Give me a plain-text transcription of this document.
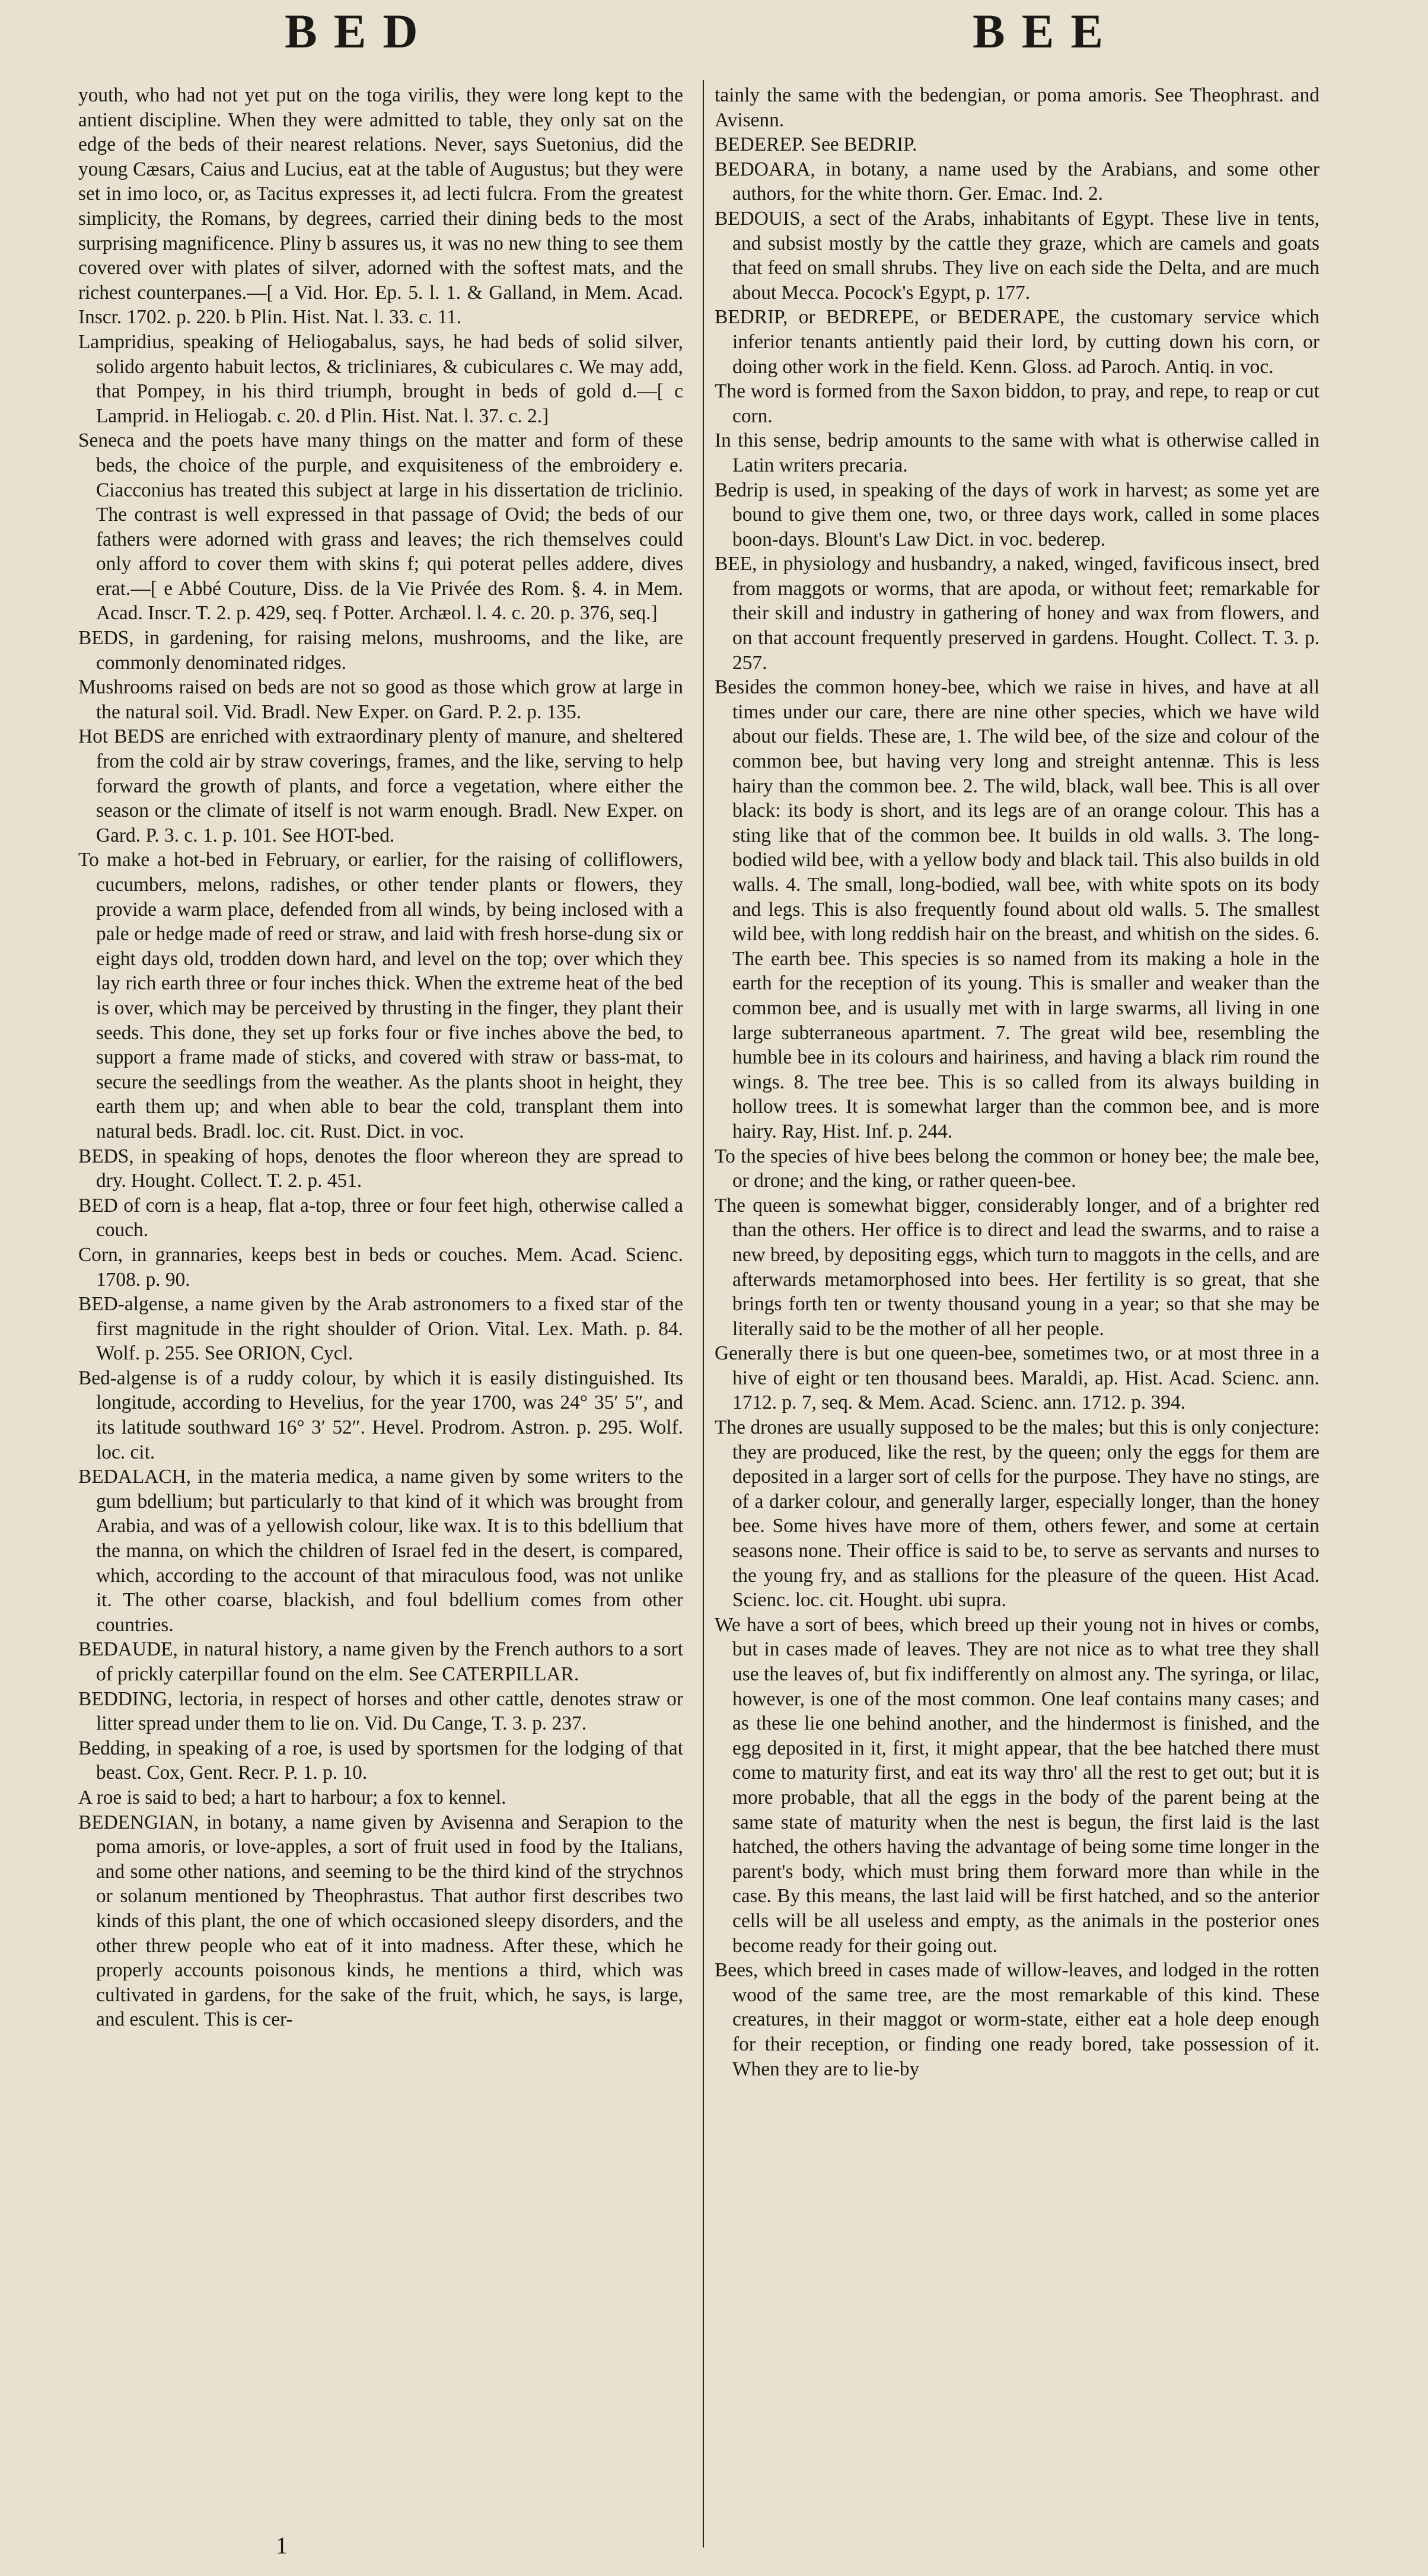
BED	BEE

youth, who had not yet put on the toga virilis, they were long kept to the antient discipline. When they were admitted to table, they only sat on the edge of the beds of their nearest relations. Never, says Suetonius, did the young Cæsars, Caius and Lucius, eat at the table of Augustus; but they were set in imo loco, or, as Tacitus expresses it, ad lecti fulcra. From the greatest simplicity, the Romans, by degrees, carried their dining beds to the most surprising magnificence. Pliny b assures us, it was no new thing to see them covered over with plates of silver, adorned with the softest mats, and the richest counterpanes.—[ a Vid. Hor. Ep. 5. l. 1. & Galland, in Mem. Acad. Inscr. 1702. p. 220. b Plin. Hist. Nat. l. 33. c. 11.

Lampridius, speaking of Heliogabalus, says, he had beds of solid silver, solido argento habuit lectos, & tricliniares, & cubiculares c. We may add, that Pompey, in his third triumph, brought in beds of gold d.—[ c Lamprid. in Heliogab. c. 20. d Plin. Hist. Nat. l. 37. c. 2.]

Seneca and the poets have many things on the matter and form of these beds, the choice of the purple, and exquisiteness of the embroidery e. Ciacconius has treated this subject at large in his dissertation de triclinio. The contrast is well expressed in that passage of Ovid; the beds of our fathers were adorned with grass and leaves; the rich themselves could only afford to cover them with skins f; qui poterat pelles addere, dives erat.—[ e Abbé Couture, Diss. de la Vie Privée des Rom. §. 4. in Mem. Acad. Inscr. T. 2. p. 429, seq. f Potter. Archæol. l. 4. c. 20. p. 376, seq.]

BEDS, in gardening, for raising melons, mushrooms, and the like, are commonly denominated ridges.

Mushrooms raised on beds are not so good as those which grow at large in the natural soil. Vid. Bradl. New Exper. on Gard. P. 2. p. 135.

Hot BEDS are enriched with extraordinary plenty of manure, and sheltered from the cold air by straw coverings, frames, and the like, serving to help forward the growth of plants, and force a vegetation, where either the season or the climate of itself is not warm enough. Bradl. New Exper. on Gard. P. 3. c. 1. p. 101. See HOT-bed.

To make a hot-bed in February, or earlier, for the raising of colliflowers, cucumbers, melons, radishes, or other tender plants or flowers, they provide a warm place, defended from all winds, by being inclosed with a pale or hedge made of reed or straw, and laid with fresh horse-dung six or eight days old, trodden down hard, and level on the top; over which they lay rich earth three or four inches thick. When the extreme heat of the bed is over, which may be perceived by thrusting in the finger, they plant their seeds. This done, they set up forks four or five inches above the bed, to support a frame made of sticks, and covered with straw or bass-mat, to secure the seedlings from the weather. As the plants shoot in height, they earth them up; and when able to bear the cold, transplant them into natural beds. Bradl. loc. cit. Rust. Dict. in voc.

BEDS, in speaking of hops, denotes the floor whereon they are spread to dry. Hought. Collect. T. 2. p. 451.

BED of corn is a heap, flat a-top, three or four feet high, otherwise called a couch.

Corn, in grannaries, keeps best in beds or couches. Mem. Acad. Scienc. 1708. p. 90.

BED-algense, a name given by the Arab astronomers to a fixed star of the first magnitude in the right shoulder of Orion. Vital. Lex. Math. p. 84. Wolf. p. 255. See ORION, Cycl.

Bed-algense is of a ruddy colour, by which it is easily distinguished. Its longitude, according to Hevelius, for the year 1700, was 24° 35′ 5″, and its latitude southward 16° 3′ 52″. Hevel. Prodrom. Astron. p. 295. Wolf. loc. cit.

BEDALACH, in the materia medica, a name given by some writers to the gum bdellium; but particularly to that kind of it which was brought from Arabia, and was of a yellowish colour, like wax. It is to this bdellium that the manna, on which the children of Israel fed in the desert, is compared, which, according to the account of that miraculous food, was not unlike it. The other coarse, blackish, and foul bdellium comes from other countries.

BEDAUDE, in natural history, a name given by the French authors to a sort of prickly caterpillar found on the elm. See CATERPILLAR.

BEDDING, lectoria, in respect of horses and other cattle, denotes straw or litter spread under them to lie on. Vid. Du Cange, T. 3. p. 237.

Bedding, in speaking of a roe, is used by sportsmen for the lodging of that beast. Cox, Gent. Recr. P. 1. p. 10.

A roe is said to bed; a hart to harbour; a fox to kennel.

BEDENGIAN, in botany, a name given by Avisenna and Serapion to the poma amoris, or love-apples, a sort of fruit used in food by the Italians, and some other nations, and seeming to be the third kind of the strychnos or solanum mentioned by Theophrastus. That author first describes two kinds of this plant, the one of which occasioned sleepy disorders, and the other threw people who eat of it into madness. After these, which he properly accounts poisonous kinds, he mentions a third, which was cultivated in gardens, for the sake of the fruit, which, he says, is large, and esculent. This is cer-

tainly the same with the bedengian, or poma amoris. See Theophrast. and Avisenn.

BEDEREP. See BEDRIP.

BEDOARA, in botany, a name used by the Arabians, and some other authors, for the white thorn. Ger. Emac. Ind. 2.

BEDOUIS, a sect of the Arabs, inhabitants of Egypt. These live in tents, and subsist mostly by the cattle they graze, which are camels and goats that feed on small shrubs. They live on each side the Delta, and are much about Mecca. Pocock's Egypt, p. 177.

BEDRIP, or BEDREPE, or BEDERAPE, the customary service which inferior tenants antiently paid their lord, by cutting down his corn, or doing other work in the field. Kenn. Gloss. ad Paroch. Antiq. in voc.

The word is formed from the Saxon biddon, to pray, and repe, to reap or cut corn.

In this sense, bedrip amounts to the same with what is otherwise called in Latin writers precaria.

Bedrip is used, in speaking of the days of work in harvest; as some yet are bound to give them one, two, or three days work, called in some places boon-days. Blount's Law Dict. in voc. bederep.

BEE, in physiology and husbandry, a naked, winged, favificous insect, bred from maggots or worms, that are apoda, or without feet; remarkable for their skill and industry in gathering of honey and wax from flowers, and on that account frequently preserved in gardens. Hought. Collect. T. 3. p. 257.

Besides the common honey-bee, which we raise in hives, and have at all times under our care, there are nine other species, which we have wild about our fields. These are, 1. The wild bee, of the size and colour of the common bee, but having very long and streight antennæ. This is less hairy than the common bee. 2. The wild, black, wall bee. This is all over black: its body is short, and its legs are of an orange colour. This has a sting like that of the common bee. It builds in old walls. 3. The long-bodied wild bee, with a yellow body and black tail. This also builds in old walls. 4. The small, long-bodied, wall bee, with white spots on its body and legs. This is also frequently found about old walls. 5. The smallest wild bee, with long reddish hair on the breast, and whitish on the sides. 6. The earth bee. This species is so named from its making a hole in the earth for the reception of its young. This is smaller and weaker than the common bee, and is usually met with in large swarms, all living in one large subterraneous apartment. 7. The great wild bee, resembling the humble bee in its colours and hairiness, and having a black rim round the wings. 8. The tree bee. This is so called from its always building in hollow trees. It is somewhat larger than the common bee, and is more hairy. Ray, Hist. Inf. p. 244.

To the species of hive bees belong the common or honey bee; the male bee, or drone; and the king, or rather queen-bee.

The queen is somewhat bigger, considerably longer, and of a brighter red than the others. Her office is to direct and lead the swarms, and to raise a new breed, by depositing eggs, which turn to maggots in the cells, and are afterwards metamorphosed into bees. Her fertility is so great, that she brings forth ten or twenty thousand young in a year; so that she may be literally said to be the mother of all her people.

Generally there is but one queen-bee, sometimes two, or at most three in a hive of eight or ten thousand bees. Maraldi, ap. Hist. Acad. Scienc. ann. 1712. p. 7, seq. & Mem. Acad. Scienc. ann. 1712. p. 394.

The drones are usually supposed to be the males; but this is only conjecture: they are produced, like the rest, by the queen; only the eggs for them are deposited in a larger sort of cells for the purpose. They have no stings, are of a darker colour, and generally larger, especially longer, than the honey bee. Some hives have more of them, others fewer, and some at certain seasons none. Their office is said to be, to serve as servants and nurses to the young fry, and as stallions for the pleasure of the queen. Hist Acad. Scienc. loc. cit. Hought. ubi supra.

We have a sort of bees, which breed up their young not in hives or combs, but in cases made of leaves. They are not nice as to what tree they shall use the leaves of, but fix indifferently on almost any. The syringa, or lilac, however, is one of the most common. One leaf contains many cases; and as these lie one behind another, and the hindermost is finished, and the egg deposited in it, first, it might appear, that the bee hatched there must come to maturity first, and eat its way thro' all the rest to get out; but it is more probable, that all the eggs in the body of the parent being at the same state of maturity when the nest is begun, the first laid is the last hatched, the others having the advantage of being some time longer in the parent's body, which must bring them forward more than while in the case. By this means, the last laid will be first hatched, and so the anterior cells will be all useless and empty, as the animals in the posterior ones become ready for their going out.

Bees, which breed in cases made of willow-leaves, and lodged in the rotten wood of the same tree, are the most remarkable of this kind. These creatures, in their maggot or worm-state, either eat a hole deep enough for their reception, or finding one ready bored, take possession of it. When they are to lie-by

1
